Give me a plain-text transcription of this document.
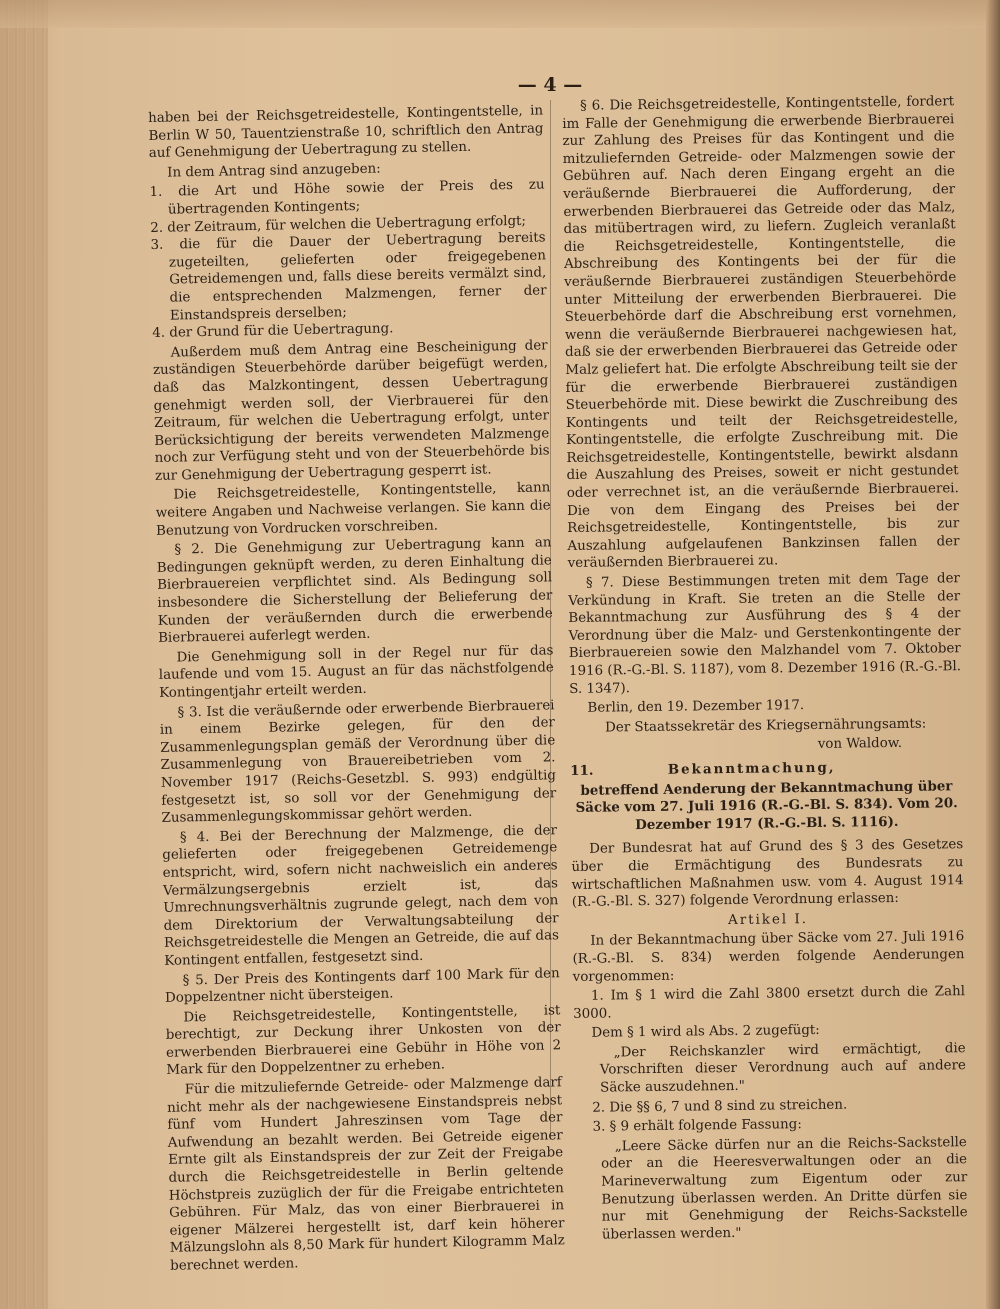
— 4 —

haben bei der Reichsgetreidestelle, Kontingentstelle, in Berlin W 50, Tauentzienstraße 10, schriftlich den Antrag auf Genehmigung der Uebertragung zu stellen.

In dem Antrag sind anzugeben:

1. die Art und Höhe sowie der Preis des zu übertragenden Kontingents;
2. der Zeitraum, für welchen die Uebertragung erfolgt;
3. die für die Dauer der Uebertragung bereits zugeteilten, gelieferten oder freigegebenen Getreidemengen und, falls diese bereits vermälzt sind, die entsprechenden Malzmengen, ferner der Einstandspreis derselben;
4. der Grund für die Uebertragung.

Außerdem muß dem Antrag eine Bescheinigung der zuständigen Steuerbehörde darüber beigefügt werden, daß das Malzkontingent, dessen Uebertragung genehmigt werden soll, der Vierbrauerei für den Zeitraum, für welchen die Uebertragung erfolgt, unter Berücksichtigung der bereits verwendeten Malzmenge noch zur Verfügung steht und von der Steuerbehörde bis zur Genehmigung der Uebertragung gesperrt ist.

Die Reichsgetreidestelle, Kontingentstelle, kann weitere Angaben und Nachweise verlangen. Sie kann die Benutzung von Vordrucken vorschreiben.

§ 2. Die Genehmigung zur Uebertragung kann an Bedingungen geknüpft werden, zu deren Einhaltung die Bierbrauereien verpflichtet sind. Als Bedingung soll insbesondere die Sicherstellung der Belieferung der Kunden der veräußernden durch die erwerbende Bierbrauerei auferlegt werden.

Die Genehmigung soll in der Regel nur für das laufende und vom 15. August an für das nächstfolgende Kontingentjahr erteilt werden.

§ 3. Ist die veräußernde oder erwerbende Bierbrauerei in einem Bezirke gelegen, für den der Zusammenlegungsplan gemäß der Verordnung über die Zusammenlegung von Brauereibetrieben vom 2. November 1917 (Reichs-Gesetzbl. S. 993) endgültig festgesetzt ist, so soll vor der Genehmigung der Zusammenlegungskommissar gehört werden.

§ 4. Bei der Berechnung der Malzmenge, die der gelieferten oder freigegebenen Getreidemenge entspricht, wird, sofern nicht nachweislich ein anderes Vermälzungsergebnis erzielt ist, das Umrechnungsverhältnis zugrunde gelegt, nach dem von dem Direktorium der Verwaltungsabteilung der Reichsgetreidestelle die Mengen an Getreide, die auf das Kontingent entfallen, festgesetzt sind.

§ 5. Der Preis des Kontingents darf 100 Mark für den Doppelzentner nicht übersteigen.

Die Reichsgetreidestelle, Kontingentstelle, ist berechtigt, zur Deckung ihrer Unkosten von der erwerbenden Bierbrauerei eine Gebühr in Höhe von 2 Mark für den Doppelzentner zu erheben.

Für die mitzuliefernde Getreide- oder Malzmenge darf nicht mehr als der nachgewiesene Einstandspreis nebst fünf vom Hundert Jahreszinsen vom Tage der Aufwendung an bezahlt werden. Bei Getreide eigener Ernte gilt als Einstandspreis der zur Zeit der Freigabe durch die Reichsgetreidestelle in Berlin geltende Höchstpreis zuzüglich der für die Freigabe entrichteten Gebühren. Für Malz, das von einer Bierbrauerei in eigener Mälzerei hergestellt ist, darf kein höherer Mälzungslohn als 8,50 Mark für hundert Kilogramm Malz berechnet werden.

§ 6. Die Reichsgetreidestelle, Kontingentstelle, fordert im Falle der Genehmigung die erwerbende Bierbrauerei zur Zahlung des Preises für das Kontingent und die mitzuliefernden Getreide- oder Malzmengen sowie der Gebühren auf. Nach deren Eingang ergeht an die veräußernde Bierbrauerei die Aufforderung, der erwerbenden Bierbrauerei das Getreide oder das Malz, das mitübertragen wird, zu liefern. Zugleich veranlaßt die Reichsgetreidestelle, Kontingentstelle, die Abschreibung des Kontingents bei der für die veräußernde Bierbrauerei zuständigen Steuerbehörde unter Mitteilung der erwerbenden Bierbrauerei. Die Steuerbehörde darf die Abschreibung erst vornehmen, wenn die veräußernde Bierbrauerei nachgewiesen hat, daß sie der erwerbenden Bierbrauerei das Getreide oder Malz geliefert hat. Die erfolgte Abschreibung teilt sie der für die erwerbende Bierbrauerei zuständigen Steuerbehörde mit. Diese bewirkt die Zuschreibung des Kontingents und teilt der Reichsgetreidestelle, Kontingentstelle, die erfolgte Zuschreibung mit. Die Reichsgetreidestelle, Kontingentstelle, bewirkt alsdann die Auszahlung des Preises, soweit er nicht gestundet oder verrechnet ist, an die veräußernde Bierbrauerei. Die von dem Eingang des Preises bei der Reichsgetreidestelle, Kontingentstelle, bis zur Auszahlung aufgelaufenen Bankzinsen fallen der veräußernden Bierbrauerei zu.

§ 7. Diese Bestimmungen treten mit dem Tage der Verkündung in Kraft. Sie treten an die Stelle der Bekanntmachung zur Ausführung des § 4 der Verordnung über die Malz- und Gerstenkontingente der Bierbrauereien sowie den Malzhandel vom 7. Oktober 1916 (R.-G.-Bl. S. 1187), vom 8. Dezember 1916 (R.-G.-Bl. S. 1347).

Berlin, den 19. Dezember 1917.

Der Staatssekretär des Kriegsernährungsamts:

von Waldow.

11.	Bekanntmachung,

betreffend Aenderung der Bekanntmachung über Säcke vom 27. Juli 1916 (R.-G.-Bl. S. 834). Vom 20. Dezember 1917 (R.-G.-Bl. S. 1116).

Der Bundesrat hat auf Grund des § 3 des Gesetzes über die Ermächtigung des Bundesrats zu wirtschaftlichen Maßnahmen usw. vom 4. August 1914 (R.-G.-Bl. S. 327) folgende Verordnung erlassen:

Artikel I.

In der Bekanntmachung über Säcke vom 27. Juli 1916 (R.-G.-Bl. S. 834) werden folgende Aenderungen vorgenommen:

1. Im § 1 wird die Zahl 3800 ersetzt durch die Zahl 3000.

Dem § 1 wird als Abs. 2 zugefügt:

„Der Reichskanzler wird ermächtigt, die Vorschriften dieser Verordnung auch auf andere Säcke auszudehnen."

2. Die §§ 6, 7 und 8 sind zu streichen.

3. § 9 erhält folgende Fassung:

„Leere Säcke dürfen nur an die Reichs-Sackstelle oder an die Heeresverwaltungen oder an die Marineverwaltung zum Eigentum oder zur Benutzung überlassen werden. An Dritte dürfen sie nur mit Genehmigung der Reichs-Sackstelle überlassen werden."
